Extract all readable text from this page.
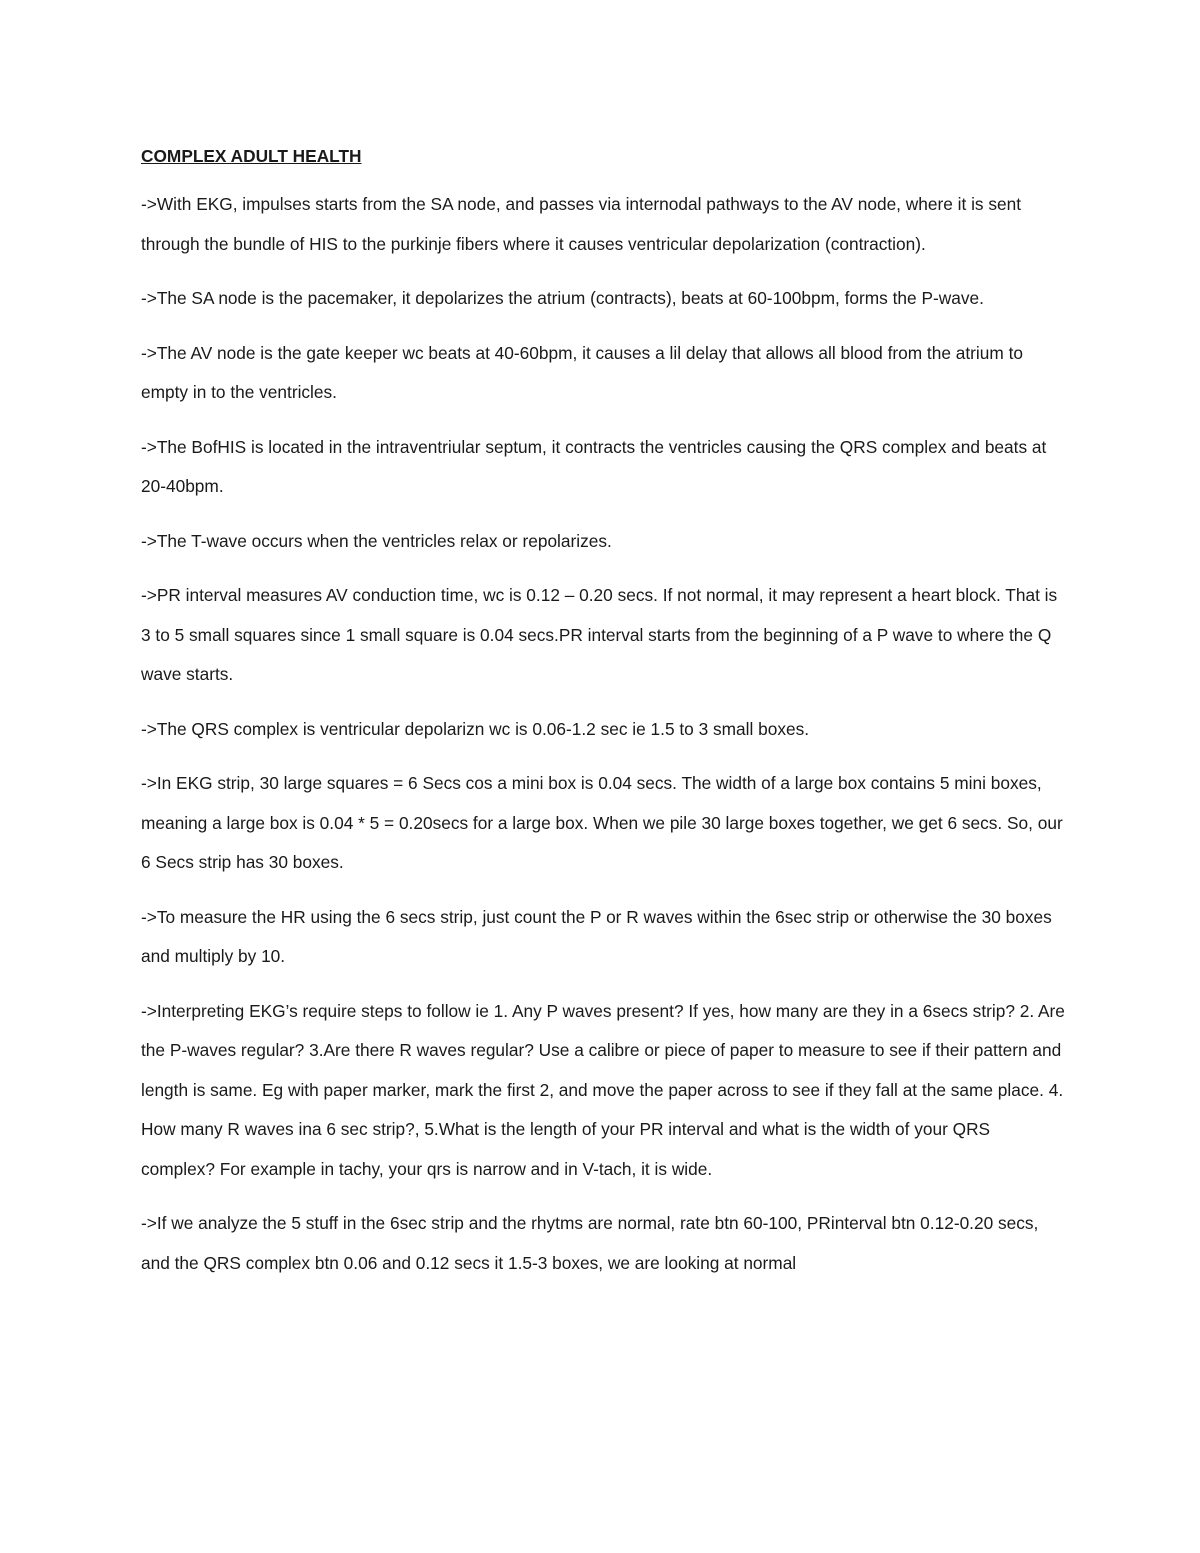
COMPLEX ADULT HEALTH

->With EKG, impulses starts from the SA node, and passes via internodal pathways to the AV node, where it is sent through the bundle of HIS to the purkinje fibers where it causes ventricular depolarization (contraction).

->The SA node is the pacemaker, it depolarizes the atrium (contracts), beats at 60-100bpm, forms the P-wave.

->The AV node is the gate keeper wc beats at 40-60bpm, it causes a lil delay that allows all blood from the atrium to empty in to the ventricles.

->The BofHIS is located in the intraventriular septum, it contracts the ventricles causing the QRS complex and beats at 20-40bpm.

->The T-wave occurs when the ventricles relax or repolarizes.

->PR interval measures AV conduction time, wc is 0.12 – 0.20 secs. If not normal, it may represent a heart block. That is 3 to 5 small squares since 1 small square is 0.04 secs.PR interval starts from the beginning of a P wave to where the Q wave starts.

->The QRS complex is ventricular depolarizn wc is 0.06-1.2 sec ie 1.5 to 3 small boxes.

->In EKG strip, 30 large squares = 6 Secs cos a mini box is 0.04 secs. The width of a large box contains 5 mini boxes, meaning a large box is 0.04 * 5 = 0.20secs for a large box. When we pile 30 large boxes together, we get 6 secs. So, our 6 Secs strip has 30 boxes.

->To measure the HR using the 6 secs strip, just count the P or R waves within the 6sec strip or otherwise the 30 boxes and multiply by 10.

->Interpreting EKG’s require steps to follow ie 1. Any P waves present? If yes, how many are they in a 6secs strip? 2. Are the P-waves regular? 3.Are there R waves regular? Use a calibre or piece of paper to measure to see if their pattern and length is same. Eg with paper marker, mark the first 2, and move the paper across to see if they fall at the same place. 4. How many R waves ina 6 sec strip?, 5.What is the length of your PR interval and what is the width of your QRS complex? For example in tachy, your qrs is narrow and in V-tach, it is wide.

->If we analyze the 5 stuff in the 6sec strip and the rhytms are normal, rate btn 60-100, PRinterval btn 0.12-0.20 secs, and the QRS complex btn 0.06 and 0.12 secs it 1.5-3 boxes, we are looking at normal
